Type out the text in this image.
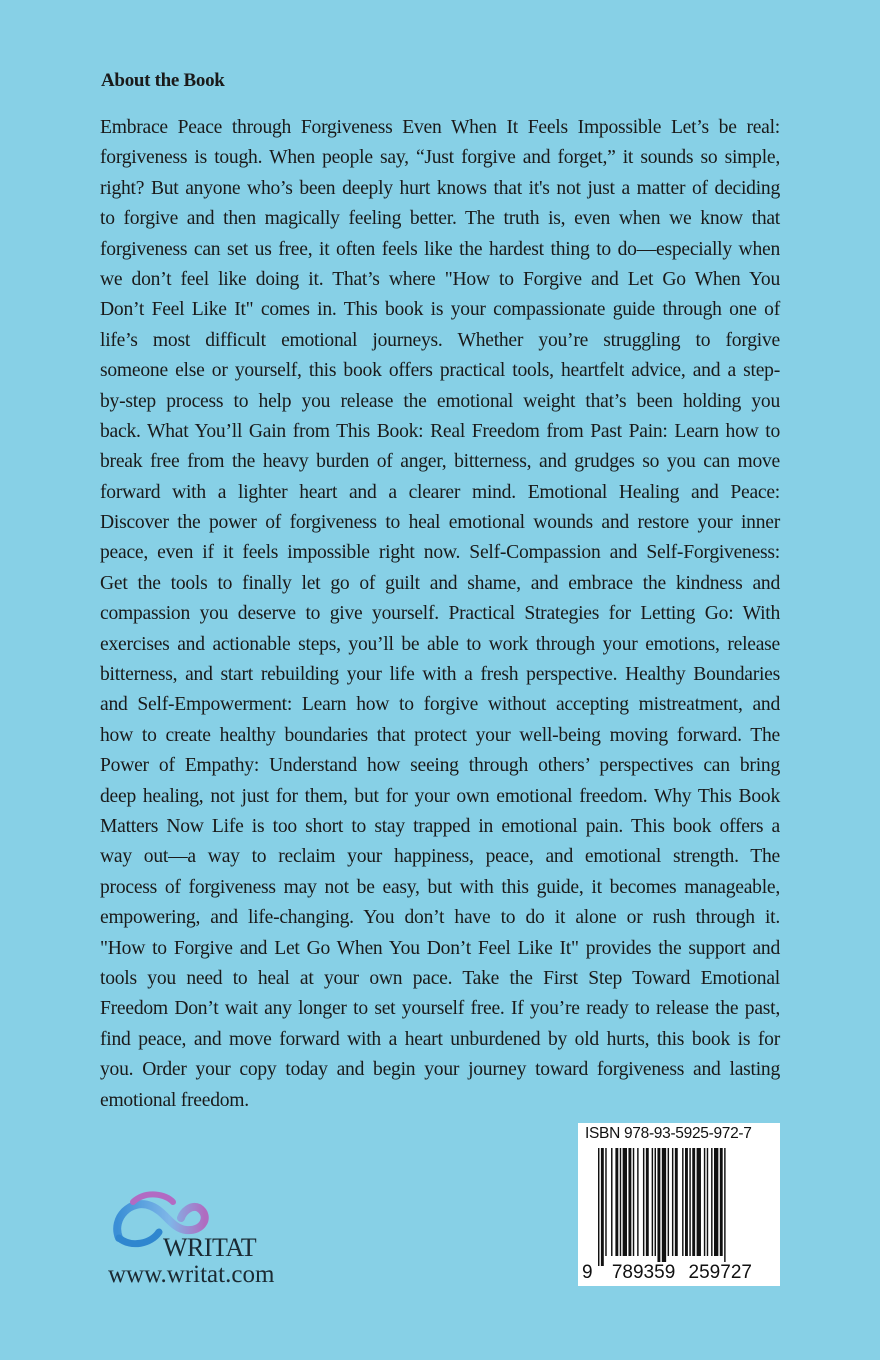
About the Book
Embrace Peace through Forgiveness Even When It Feels Impossible Let’s be real:
forgiveness is tough. When people say, “Just forgive and forget,” it sounds so simple,
right? But anyone who’s been deeply hurt knows that it's not just a matter of deciding
to forgive and then magically feeling better. The truth is, even when we know that
forgiveness can set us free, it often feels like the hardest thing to do—especially when
we don’t feel like doing it. That’s where "How to Forgive and Let Go When You
Don’t Feel Like It" comes in. This book is your compassionate guide through one of
life’s most difficult emotional journeys. Whether you’re struggling to forgive
someone else or yourself, this book offers practical tools, heartfelt advice, and a step-
by-step process to help you release the emotional weight that’s been holding you
back. What You’ll Gain from This Book: Real Freedom from Past Pain: Learn how to
break free from the heavy burden of anger, bitterness, and grudges so you can move
forward with a lighter heart and a clearer mind. Emotional Healing and Peace:
Discover the power of forgiveness to heal emotional wounds and restore your inner
peace, even if it feels impossible right now. Self-Compassion and Self-Forgiveness:
Get the tools to finally let go of guilt and shame, and embrace the kindness and
compassion you deserve to give yourself. Practical Strategies for Letting Go: With
exercises and actionable steps, you’ll be able to work through your emotions, release
bitterness, and start rebuilding your life with a fresh perspective. Healthy Boundaries
and Self-Empowerment: Learn how to forgive without accepting mistreatment, and
how to create healthy boundaries that protect your well-being moving forward. The
Power of Empathy: Understand how seeing through others’ perspectives can bring
deep healing, not just for them, but for your own emotional freedom. Why This Book
Matters Now Life is too short to stay trapped in emotional pain. This book offers a
way out—a way to reclaim your happiness, peace, and emotional strength. The
process of forgiveness may not be easy, but with this guide, it becomes manageable,
empowering, and life-changing. You don’t have to do it alone or rush through it.
"How to Forgive and Let Go When You Don’t Feel Like It" provides the support and
tools you need to heal at your own pace. Take the First Step Toward Emotional
Freedom Don’t wait any longer to set yourself free. If you’re ready to release the past,
find peace, and move forward with a heart unburdened by old hurts, this book is for
you. Order your copy today and begin your journey toward forgiveness and lasting
emotional freedom.
WRITAT
www.writat.com
ISBN 978-93-5925-972-7
9 789359 259727
